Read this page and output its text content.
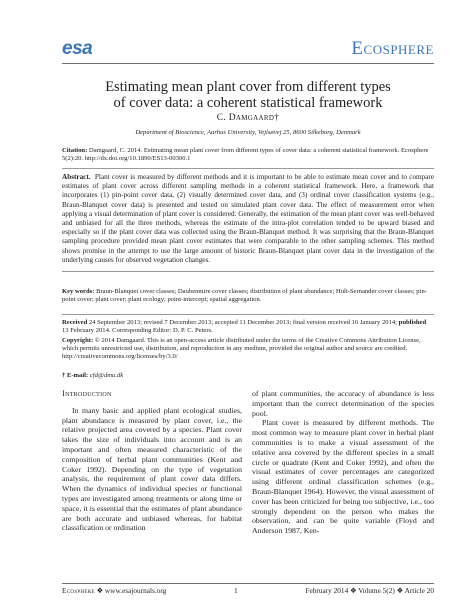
esa	Ecosphere
Estimating mean plant cover from different types
of cover data: a coherent statistical framework
C. Damgaard†
Department of Bioscience, Aarhus University, Vejlsøvej 25, 8600 Silkeborg, Denmark
Citation: Damgaard, C. 2014. Estimating mean plant cover from different types of cover data: a coherent statistical framework. Ecosphere 5(2):20. http://dx.doi.org/10.1890/ES13-00300.1

Abstract. Plant cover is measured by different methods and it is important to be able to estimate mean cover and to compare estimates of plant cover across different sampling methods in a coherent statistical framework. Here, a framework that incorporates (1) pin-point cover data, (2) visually determined cover data, and (3) ordinal cover classification systems (e.g., Braun-Blanquet cover data) is presented and tested on simulated plant cover data. The effect of measurement error when applying a visual determination of plant cover is considered. Generally, the estimation of the mean plant cover was well-behaved and unbiased for all the three methods, whereas the estimate of the intra-plot correlation tended to be upward biased and especially so if the plant cover data was collected using the Braun-Blanquet method. It was surprising that the Braun-Blanquet sampling procedure provided mean plant cover estimates that were comparable to the other sampling schemes. This method shows promise in the attempt to use the large amount of historic Braun-Blanquet plant cover data in the investigation of the underlying causes for observed vegetation changes.

Key words: Braun-Blanquet cover classes; Daubenmire cover classes; distribution of plant abundance; Hult-Sernander cover classes; pin-point cover; plant cover; plant ecology; point-intercept; spatial aggregation.
Received 24 September 2013; revised 7 December 2013; accepted 11 December 2013; final version received 16 January 2014; published 13 February 2014. Corresponding Editor: D. P. C. Peters.
Copyright: © 2014 Damgaard. This is an open-access article distributed under the terms of the Creative Commons Attribution License, which permits unrestricted use, distribution, and reproduction in any medium, provided the original author and source are credited. http://creativecommons.org/licenses/by/3.0/
† E-mail: cfd@dmu.dk
Introduction

In many basic and applied plant ecological studies, plant abundance is measured by plant cover, i.e., the relative projected area covered by a species. Plant cover takes the size of individuals into account and is an important and often measured characteristic of the composition of herbal plant communities (Kent and Coker 1992). Depending on the type of vegetation analysis, the requirement of plant cover data differs. When the dynamics of individual species or functional types are investigated among treatments or along time or space, it is essential that the estimates of plant abundance are both accurate and unbiased whereas, for habitat classification or ordination

of plant communities, the accuracy of abundance is less important than the correct determination of the species pool.

Plant cover is measured by different methods. The most common way to measure plant cover in herbal plant communities is to make a visual assessment of the relative area covered by the different species in a small circle or quadrate (Kent and Coker 1992), and often the visual estimates of cover percentages are categorized using different ordinal classification schemes (e.g., Braun-Blanquet 1964). However, the visual assessment of cover has been criticized for being too subjective, i.e., too strongly dependent on the person who makes the observation, and can be quite variable (Floyd and Anderson 1987, Ken-

Ecosphere ❖ www.esajournals.org	1	February 2014 ❖ Volume 5(2) ❖ Article 20
